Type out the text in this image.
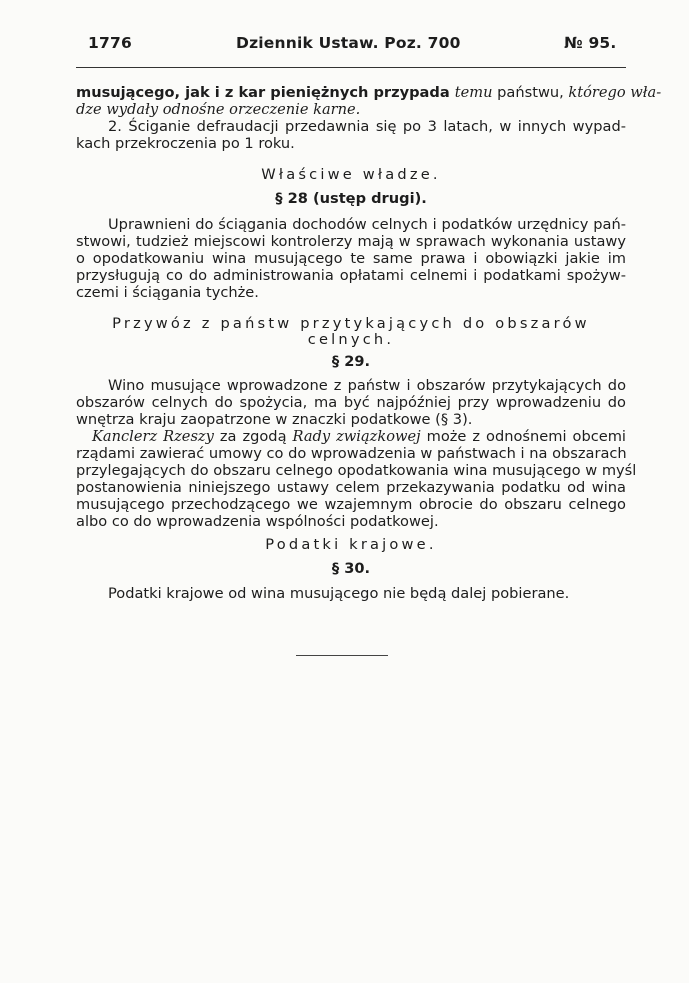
1776	Dziennik Ustaw. Poz. 700	№ 95.
musującego, jak i z kar pieniężnych przypada temu państwu, którego wła-
dze wydały odnośne orzeczenie karne.
2. Ściganie defraudacji przedawnia się po 3 latach, w innych wypad-
kach przekroczenia po 1 roku.
Właściwe władze.
§ 28 (ustęp drugi).
Uprawnieni do ściągania dochodów celnych i podatków urzędnicy pań-
stwowi, tudzież miejscowi kontrolerzy mają w sprawach wykonania ustawy
o opodatkowaniu wina musującego te same prawa i obowiązki jakie im
przysługują co do administrowania opłatami celnemi i podatkami spożyw-
czemi i ściągania tychże.
Przywóz z państw przytykających do obszarów
celnych.
§ 29.
Wino musujące wprowadzone z państw i obszarów przytykających do
obszarów celnych do spożycia, ma być najpóźniej przy wprowadzeniu do
wnętrza kraju zaopatrzone w znaczki podatkowe (§ 3).
Kanclerz Rzeszy za zgodą Rady związkowej może z odnośnemi obcemi
rządami zawierać umowy co do wprowadzenia w państwach i na obszarach
przylegających do obszaru celnego opodatkowania wina musującego w myśl
postanowienia niniejszego ustawy celem przekazywania podatku od wina
musującego przechodzącego we wzajemnym obrocie do obszaru celnego
albo co do wprowadzenia wspólności podatkowej.
Podatki krajowe.
§ 30.
Podatki krajowe od wina musującego nie będą dalej pobierane.
